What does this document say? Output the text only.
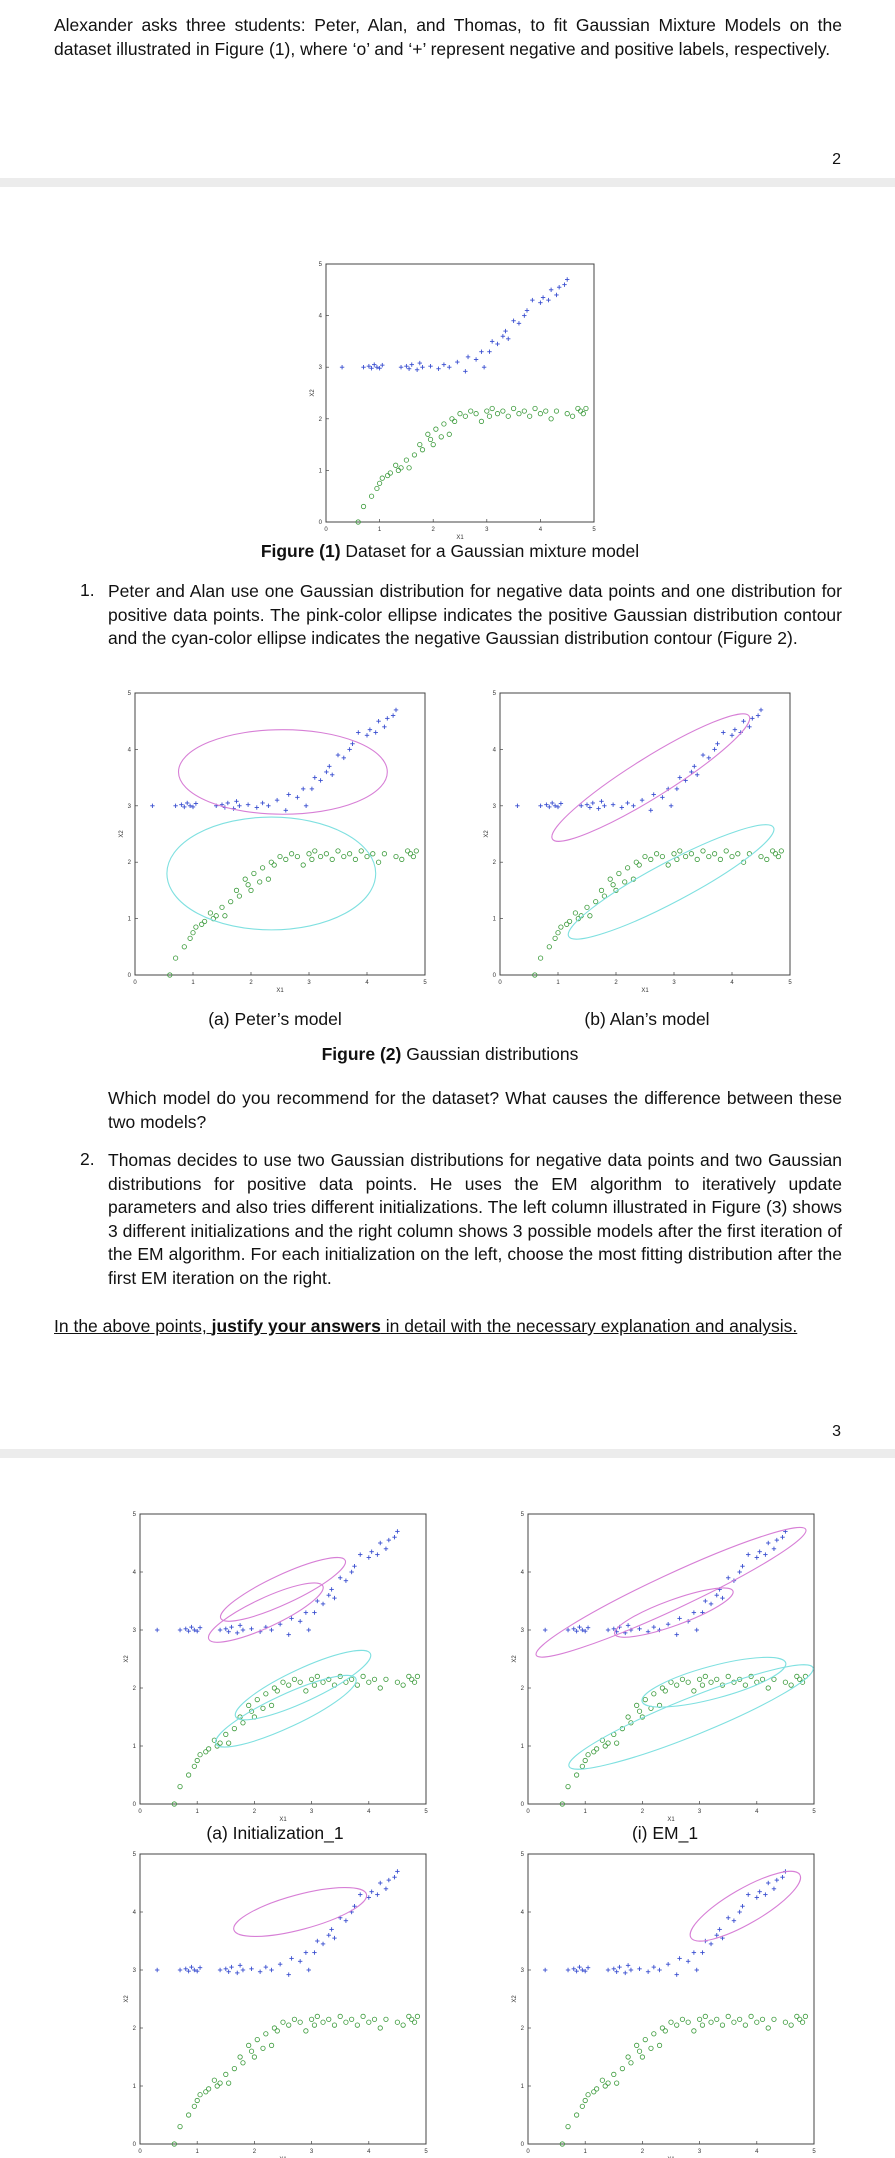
Alexander asks three students: Peter, Alan, and Thomas, to fit Gaussian Mixture Models on the dataset illustrated in Figure (1), where ‘o’ and ‘+’ represent negative and positive labels, respectively.
2
0
0
1
1
2
2
3
3
4
4
5
5
X1
X2
Figure (1) Dataset for a Gaussian mixture model
1. Peter and Alan use one Gaussian distribution for negative data points and one distribution for positive data points. The pink-color ellipse indicates the positive Gaussian distribution contour and the cyan-color ellipse indicates the negative Gaussian distribution contour (Figure 2).
0
0
1
1
2
2
3
3
4
4
5
5
X1
X2
0
0
1
1
2
2
3
3
4
4
5
5
X1
X2
(a) Peter’s model	(b) Alan’s model
Figure (2) Gaussian distributions
Which model do you recommend for the dataset? What causes the difference between these two models?
2. Thomas decides to use two Gaussian distributions for negative data points and two Gaussian distributions for positive data points. He uses the EM algorithm to iteratively update parameters and also tries different initializations. The left column illustrated in Figure (3) shows 3 different initializations and the right column shows 3 possible models after the first iteration of the EM algorithm. For each initialization on the left, choose the most fitting distribution after the first EM iteration on the right.
In the above points, justify your answers in detail with the necessary explanation and analysis.
3
0
0
1
1
2
2
3
3
4
4
5
5
X1
X2
0
0
1
1
2
2
3
3
4
4
5
5
X1
X2
(a) Initialization_1	(i) EM_1
0
0
1
1
2
2
3
3
4
4
5
5
X2
0
0
1
1
2
2
3
3
4
4
5
5
X2
